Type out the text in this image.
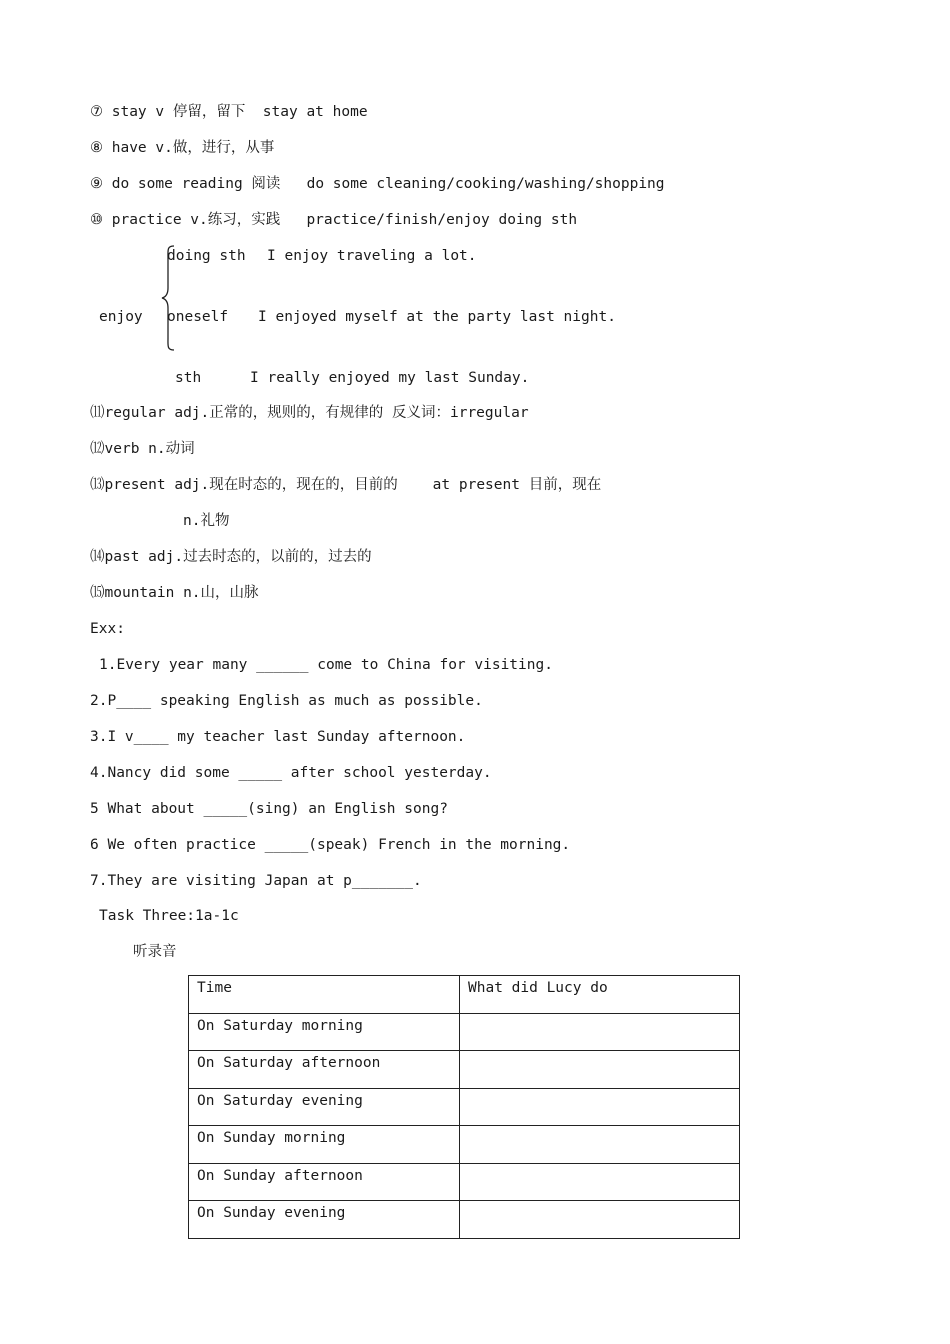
⑦ stay v 停留，留下  stay at home
⑧ have v.做，进行，从事
⑨ do some reading 阅读   do some cleaning/cooking/washing/shopping
⑩ practice v.练习，实践   practice/finish/enjoy doing sth
enjoy
doing sth I enjoy traveling a lot.
oneself I enjoyed myself at the party last night.
sth	I really enjoyed my last Sunday.
⑾regular adj.正常的，规则的，有规律的 反义词：irregular
⑿verb n.动词
⒀present adj.现在时态的，现在的，目前的    at present 目前，现在
n.礼物
⒁past adj.过去时态的，以前的，过去的
⒂mountain n.山，山脉
Exx:
1.Every year many ______ come to China for visiting.
2.P____ speaking English as much as possible.
3.I v____ my teacher last Sunday afternoon.
4.Nancy did some _____ after school yesterday.
5 What about _____(sing) an English song?
6 We often practice _____(speak) French in the morning.
7.They are visiting Japan at p_______.
Task Three:1a-1c
听录音
Time	What did Lucy do
On Saturday morning	
On Saturday afternoon	
On Saturday evening	
On Sunday morning	
On Sunday afternoon	
On Sunday evening	
